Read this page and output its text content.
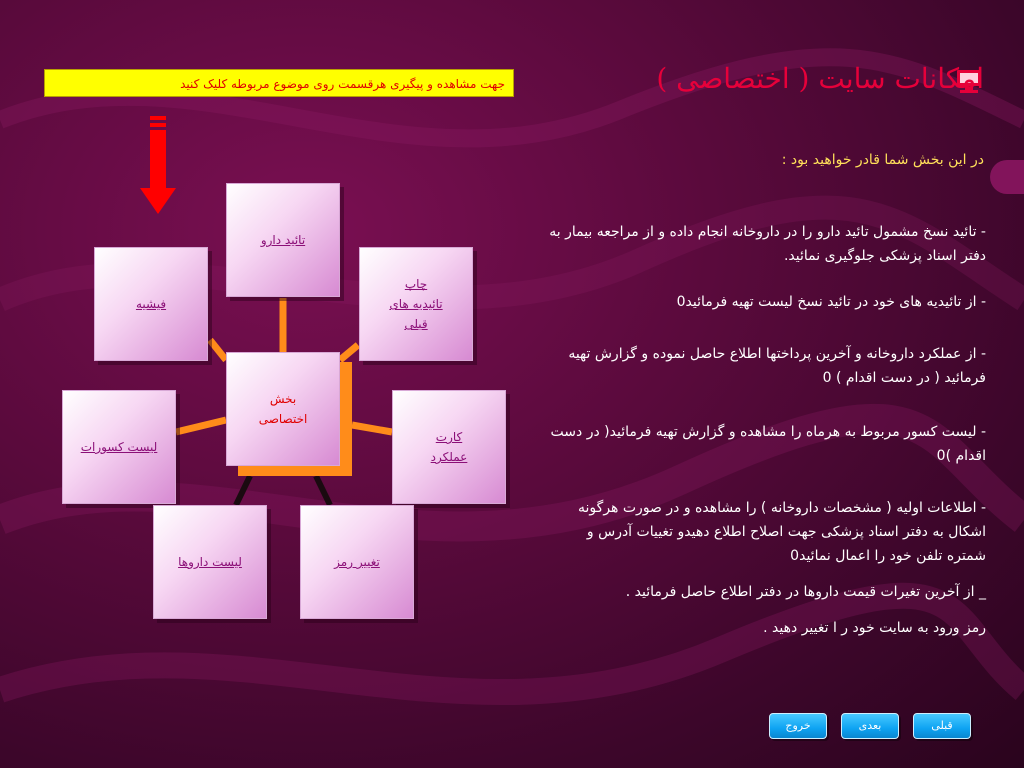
جهت مشاهده و پیگیری هرقسمت روی موضوع مربوطه کلیک کنید	امکانات سایت ( اختصاصی )
در این بخش شما قادر خواهید بود :

- تائید نسخ مشمول تائید دارو را در داروخانه انجام داده و از مراجعه بیمار به دفتر اسناد پزشکی جلوگیری نمائید.

- از تائیدیه های خود در تائید نسخ لیست تهیه فرمائید0

- از عملکرد داروخانه و آخرین پرداختها اطلاع حاصل نموده و گزارش تهیه فرمائید ( در دست اقدام ) 0

- لیست کسور مربوط به هرماه را مشاهده و گزارش تهیه فرمائید( در دست اقدام )0

- اطلاعات اولیه ( مشخصات داروخانه ) را مشاهده و در صورت هرگونه اشکال به دفتر اسناد پزشکی جهت اصلاح اطلاع دهیدو تغییات آدرس و شمتره تلفن خود را اعمال نمائید0

_ از آخرین تغیرات قیمت داروها در دفتر اطلاع حاصل فرمائید .

رمز ورود به سایت خود ر ا تغییر دهید .

تائید دارو
فیشیه
چاپ
تائیدیه های
قبلی
لیست کسورات
کارت
عملکرد
لیست داروها	تغییر رمز
بخش
اختصاصی
قبلی
بعدی
خروج
